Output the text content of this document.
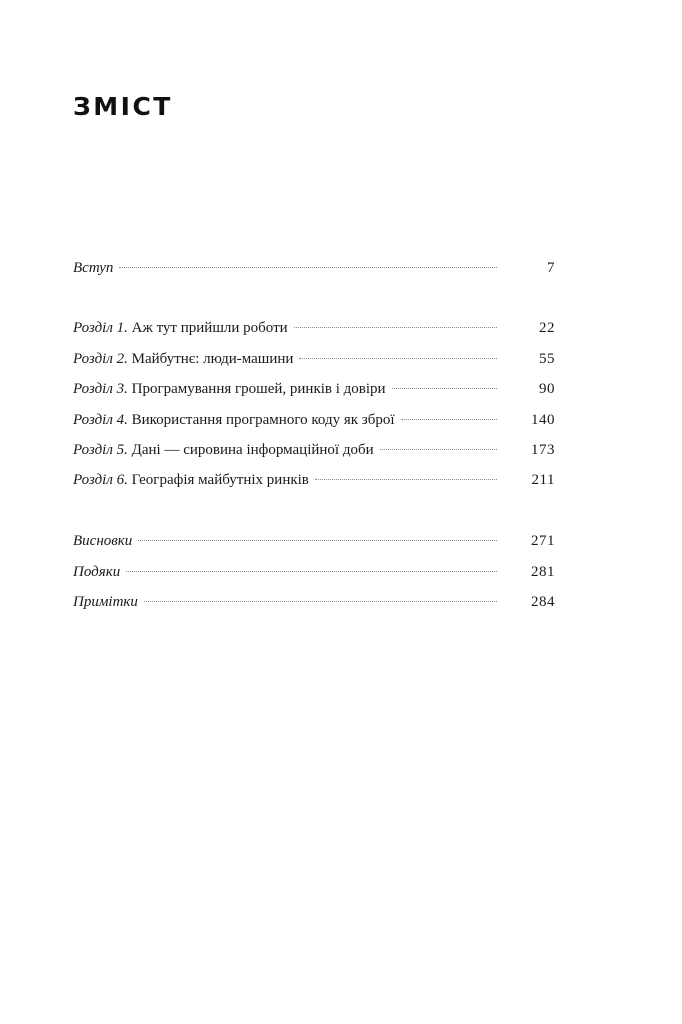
ЗМІСТ
Вступ	7
Розділ 1. Аж тут прийшли роботи	22
Розділ 2. Майбутнє: люди-машини	55
Розділ 3. Програмування грошей, ринків і довіри	90
Розділ 4. Використання програмного коду як зброї	140
Розділ 5. Дані — сировина інформаційної доби	173
Розділ 6. Географія майбутніх ринків	211
Висновки	271
Подяки	281
Примітки	284
